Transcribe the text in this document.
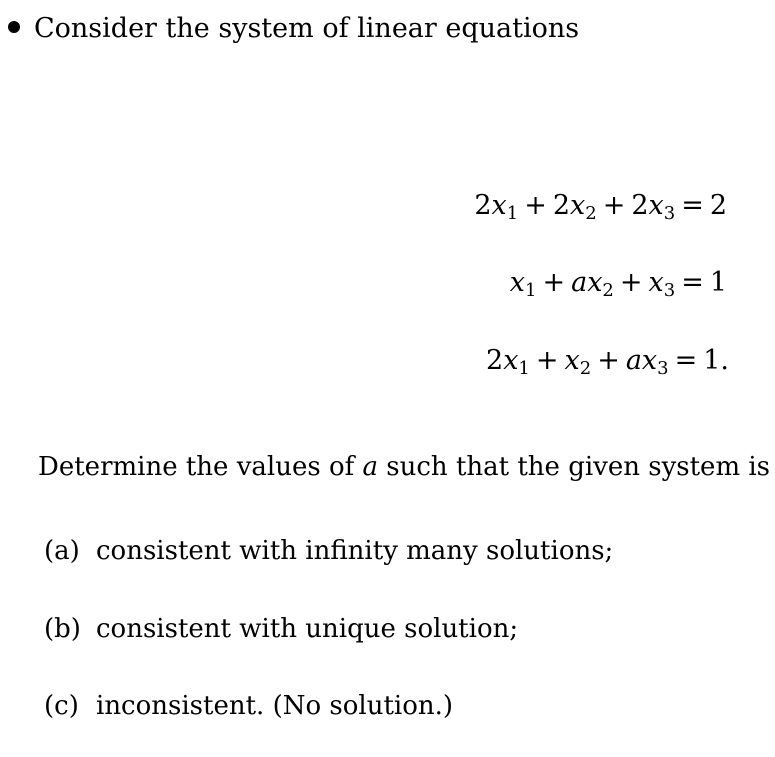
Consider the system of linear equations
$2x_1 + 2x_2 + 2x_3 = 2$
$x_1 + ax_2 + x_3 = 1$
$2x_1 + x_2 + ax_3 = 1$.
Determine the values of a such that the given system is
(a) consistent with infinity many solutions;
(b) consistent with unique solution;
(c) inconsistent. (No solution.)
